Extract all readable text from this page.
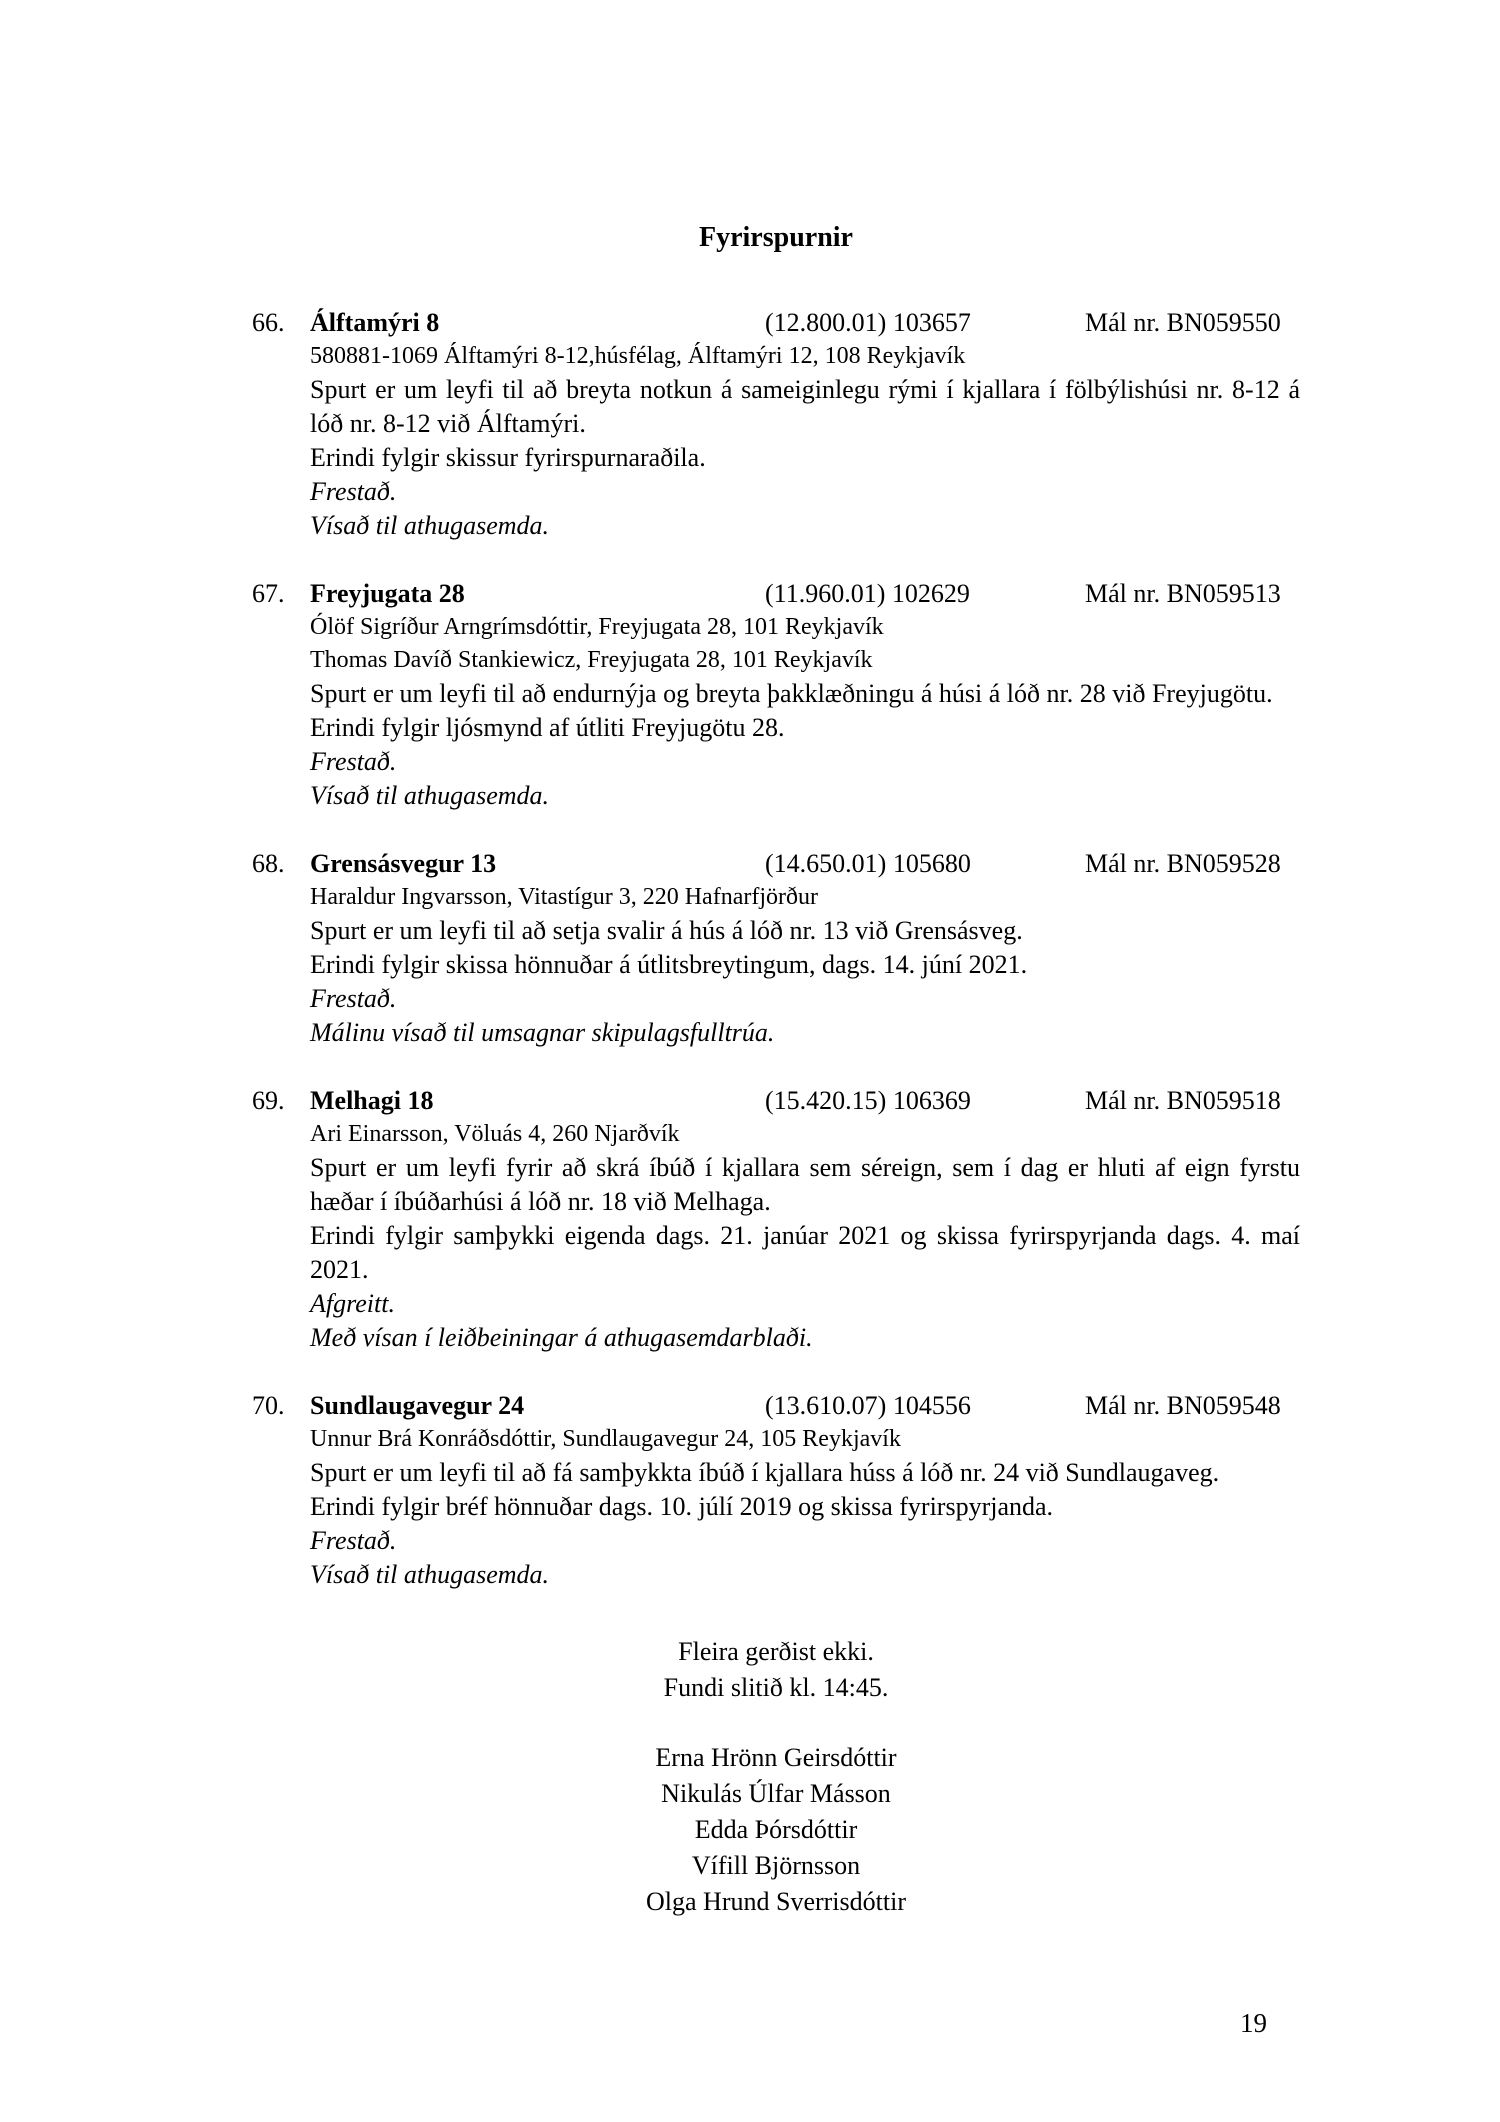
Fyrirspurnir
66. Álftamýri 8	(12.800.01) 103657	Mál nr. BN059550

580881-1069 Álftamýri 8-12,húsfélag, Álftamýri 12, 108 Reykjavík

Spurt er um leyfi til að breyta notkun á sameiginlegu rými í kjallara í fölbýlishúsi nr. 8-12 á lóð nr. 8-12 við Álftamýri.

Erindi fylgir skissur fyrirspurnaraðila.

Frestað.

Vísað til athugasemda.

67. Freyjugata 28	(11.960.01) 102629	Mál nr. BN059513

Ólöf Sigríður Arngrímsdóttir, Freyjugata 28, 101 Reykjavík

Thomas Davíð Stankiewicz, Freyjugata 28, 101 Reykjavík

Spurt er um leyfi til að endurnýja og breyta þakklæðningu á húsi á lóð nr. 28 við Freyjugötu.

Erindi fylgir ljósmynd af útliti Freyjugötu 28.

Frestað.

Vísað til athugasemda.

68. Grensásvegur 13	(14.650.01) 105680	Mál nr. BN059528

Haraldur Ingvarsson, Vitastígur 3, 220 Hafnarfjörður

Spurt er um leyfi til að setja svalir á hús á lóð nr. 13 við Grensásveg.

Erindi fylgir skissa hönnuðar á útlitsbreytingum, dags. 14. júní 2021.

Frestað.

Málinu vísað til umsagnar skipulagsfulltrúa.

69. Melhagi 18	(15.420.15) 106369	Mál nr. BN059518

Ari Einarsson, Völuás 4, 260 Njarðvík

Spurt er um leyfi fyrir að skrá íbúð í kjallara sem séreign, sem í dag er hluti af eign fyrstu hæðar í íbúðarhúsi á lóð nr. 18 við Melhaga.

Erindi fylgir samþykki eigenda dags. 21. janúar 2021 og skissa fyrirspyrjanda dags. 4. maí 2021.

Afgreitt.

Með vísan í leiðbeiningar á athugasemdarblaði.

70. Sundlaugavegur 24	(13.610.07) 104556	Mál nr. BN059548

Unnur Brá Konráðsdóttir, Sundlaugavegur 24, 105 Reykjavík

Spurt er um leyfi til að fá samþykkta íbúð í kjallara húss á lóð nr. 24 við Sundlaugaveg.

Erindi fylgir bréf hönnuðar dags. 10. júlí 2019 og skissa fyrirspyrjanda.

Frestað.

Vísað til athugasemda.

Fleira gerðist ekki.

Fundi slitið kl. 14:45.

Erna Hrönn Geirsdóttir

Nikulás Úlfar Másson

Edda Þórsdóttir

Vífill Björnsson

Olga Hrund Sverrisdóttir

19
